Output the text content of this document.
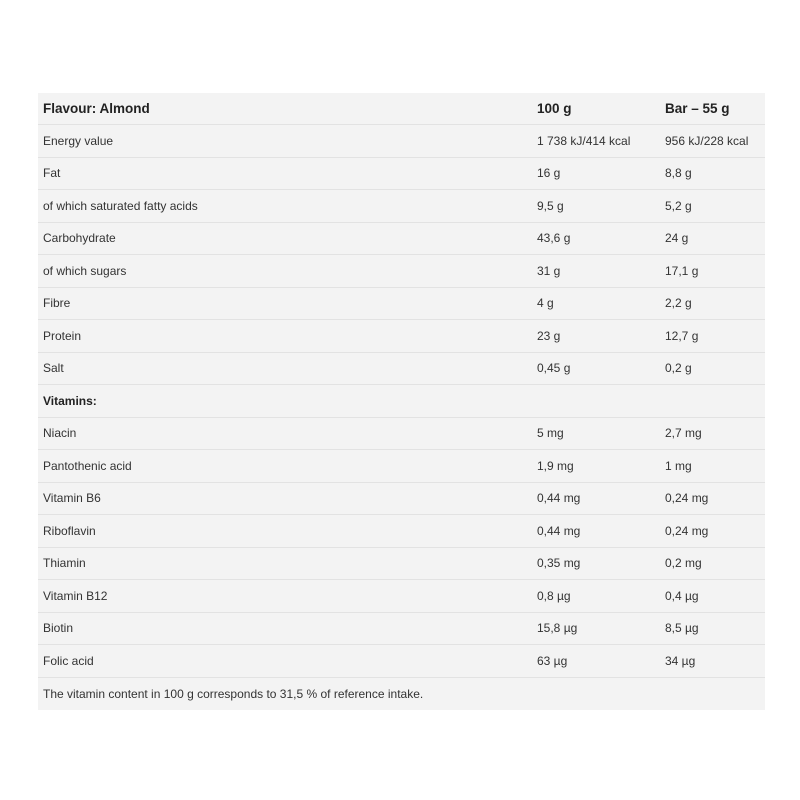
Flavour: Almond	100 g	Bar – 55 g
Energy value	1 738 kJ/414 kcal	956 kJ/228 kcal
Fat	16 g	8,8 g
of which saturated fatty acids	9,5 g	5,2 g
Carbohydrate	43,6 g	24 g
of which sugars	31 g	17,1 g
Fibre	4 g	2,2 g
Protein	23 g	12,7 g
Salt	0,45 g	0,2 g
Vitamins:
Niacin	5 mg	2,7 mg
Pantothenic acid	1,9 mg	1 mg
Vitamin B6	0,44 mg	0,24 mg
Riboflavin	0,44 mg	0,24 mg
Thiamin	0,35 mg	0,2 mg
Vitamin B12	0,8 µg	0,4 µg
Biotin	15,8 µg	8,5 µg
Folic acid	63 µg	34 µg
The vitamin content in 100 g corresponds to 31,5 % of reference intake.
